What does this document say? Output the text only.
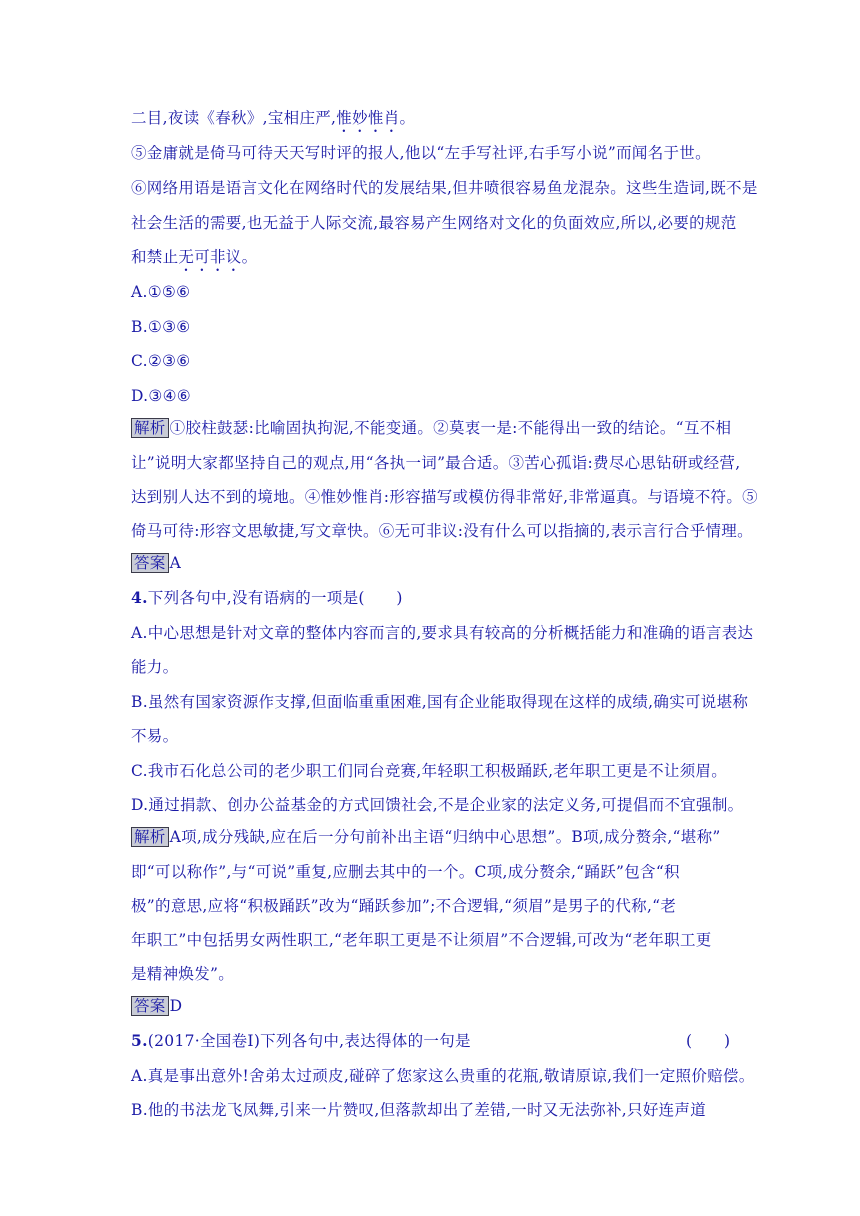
二目,夜读《春秋》,宝相庄严,惟妙惟肖。
⑤金庸就是倚马可待天天写时评的报人,他以“左手写社评,右手写小说”而闻名于世。
⑥网络用语是语言文化在网络时代的发展结果,但井喷很容易鱼龙混杂。这些生造词,既不是
社会生活的需要,也无益于人际交流,最容易产生网络对文化的负面效应,所以,必要的规范
和禁止无可非议。
A.①⑤⑥
B.①③⑥
C.②③⑥
D.③④⑥
解析 ①胶柱鼓瑟:比喻固执拘泥,不能变通。②莫衷一是:不能得出一致的结论。“互不相
让”说明大家都坚持自己的观点,用“各执一词”最合适。③苦心孤诣:费尽心思钻研或经营,
达到别人达不到的境地。④惟妙惟肖:形容描写或模仿得非常好,非常逼真。与语境不符。⑤
倚马可待:形容文思敏捷,写文章快。⑥无可非议:没有什么可以指摘的,表示言行合乎情理。
答案 A
4.下列各句中,没有语病的一项是(　　)
A.中心思想是针对文章的整体内容而言的,要求具有较高的分析概括能力和准确的语言表达
能力。
B.虽然有国家资源作支撑,但面临重重困难,国有企业能取得现在这样的成绩,确实可说堪称
不易。
C.我市石化总公司的老少职工们同台竞赛,年轻职工积极踊跃,老年职工更是不让须眉。
D.通过捐款、创办公益基金的方式回馈社会,不是企业家的法定义务,可提倡而不宜强制。
解析 A项,成分残缺,应在后一分句前补出主语“归纳中心思想”。B项,成分赘余,“堪称”
即“可以称作”,与“可说”重复,应删去其中的一个。C项,成分赘余,“踊跃”包含“积
极”的意思,应将“积极踊跃”改为“踊跃参加”;不合逻辑,“须眉”是男子的代称,“老
年职工”中包括男女两性职工,“老年职工更是不让须眉”不合逻辑,可改为“老年职工更
是精神焕发”。
答案 D
5.(2017·全国卷Ⅰ)下列各句中,表达得体的一句是	(　　)
A.真是事出意外!舍弟太过顽皮,碰碎了您家这么贵重的花瓶,敬请原谅,我们一定照价赔偿。
B.他的书法龙飞凤舞,引来一片赞叹,但落款却出了差错,一时又无法弥补,只好连声道
